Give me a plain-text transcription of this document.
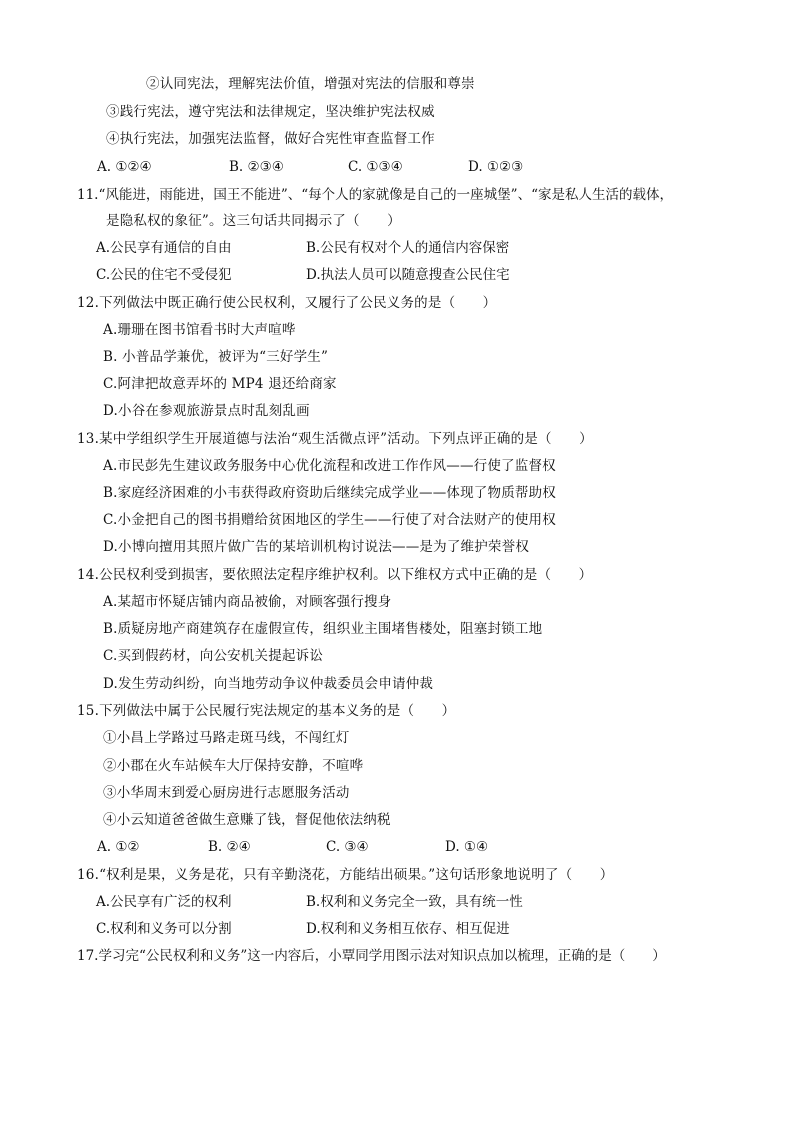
②认同宪法，理解宪法价值，增强对宪法的信服和尊崇
③践行宪法，遵守宪法和法律规定，坚决维护宪法权威
④执行宪法，加强宪法监督，做好合宪性审查监督工作
A. ①②④	B. ②③④	C. ①③④	D. ①②③
11.“风能进，雨能进，国王不能进”、“每个人的家就像是自己的一座城堡”、“家是私人生活的载体，
是隐私权的象征”。这三句话共同揭示了（　　）
A.公民享有通信的自由	B.公民有权对个人的通信内容保密
C.公民的住宅不受侵犯	D.执法人员可以随意搜查公民住宅
12.下列做法中既正确行使公民权利，又履行了公民义务的是（　　）
A.珊珊在图书馆看书时大声喧哗
B. 小普品学兼优，被评为“三好学生”
C.阿津把故意弄坏的 MP4 退还给商家
D.小谷在参观旅游景点时乱刻乱画
13.某中学组织学生开展道德与法治“观生活微点评”活动。下列点评正确的是（　　）
A.市民彭先生建议政务服务中心优化流程和改进工作作风——行使了监督权
B.家庭经济困难的小韦获得政府资助后继续完成学业——体现了物质帮助权
C.小金把自己的图书捐赠给贫困地区的学生——行使了对合法财产的使用权
D.小博向擅用其照片做广告的某培训机构讨说法——是为了维护荣誉权
14.公民权利受到损害，要依照法定程序维护权利。以下维权方式中正确的是（　　）
A.某超市怀疑店铺内商品被偷，对顾客强行搜身
B.质疑房地产商建筑存在虚假宣传，组织业主围堵售楼处，阻塞封锁工地
C.买到假药材，向公安机关提起诉讼
D.发生劳动纠纷，向当地劳动争议仲裁委员会申请仲裁
15.下列做法中属于公民履行宪法规定的基本义务的是（　　）
①小昌上学路过马路走斑马线，不闯红灯
②小郡在火车站候车大厅保持安静，不喧哗
③小华周末到爱心厨房进行志愿服务活动
④小云知道爸爸做生意赚了钱，督促他依法纳税
A. ①②	B. ②④	C. ③④	D. ①④
16.“权利是果，义务是花，只有辛勤浇花，方能结出硕果。”这句话形象地说明了（　　）
A.公民享有广泛的权利	B.权利和义务完全一致，具有统一性
C.权利和义务可以分割	D.权利和义务相互依存、相互促进
17.学习完“公民权利和义务”这一内容后，小覃同学用图示法对知识点加以梳理，正确的是（　　）
